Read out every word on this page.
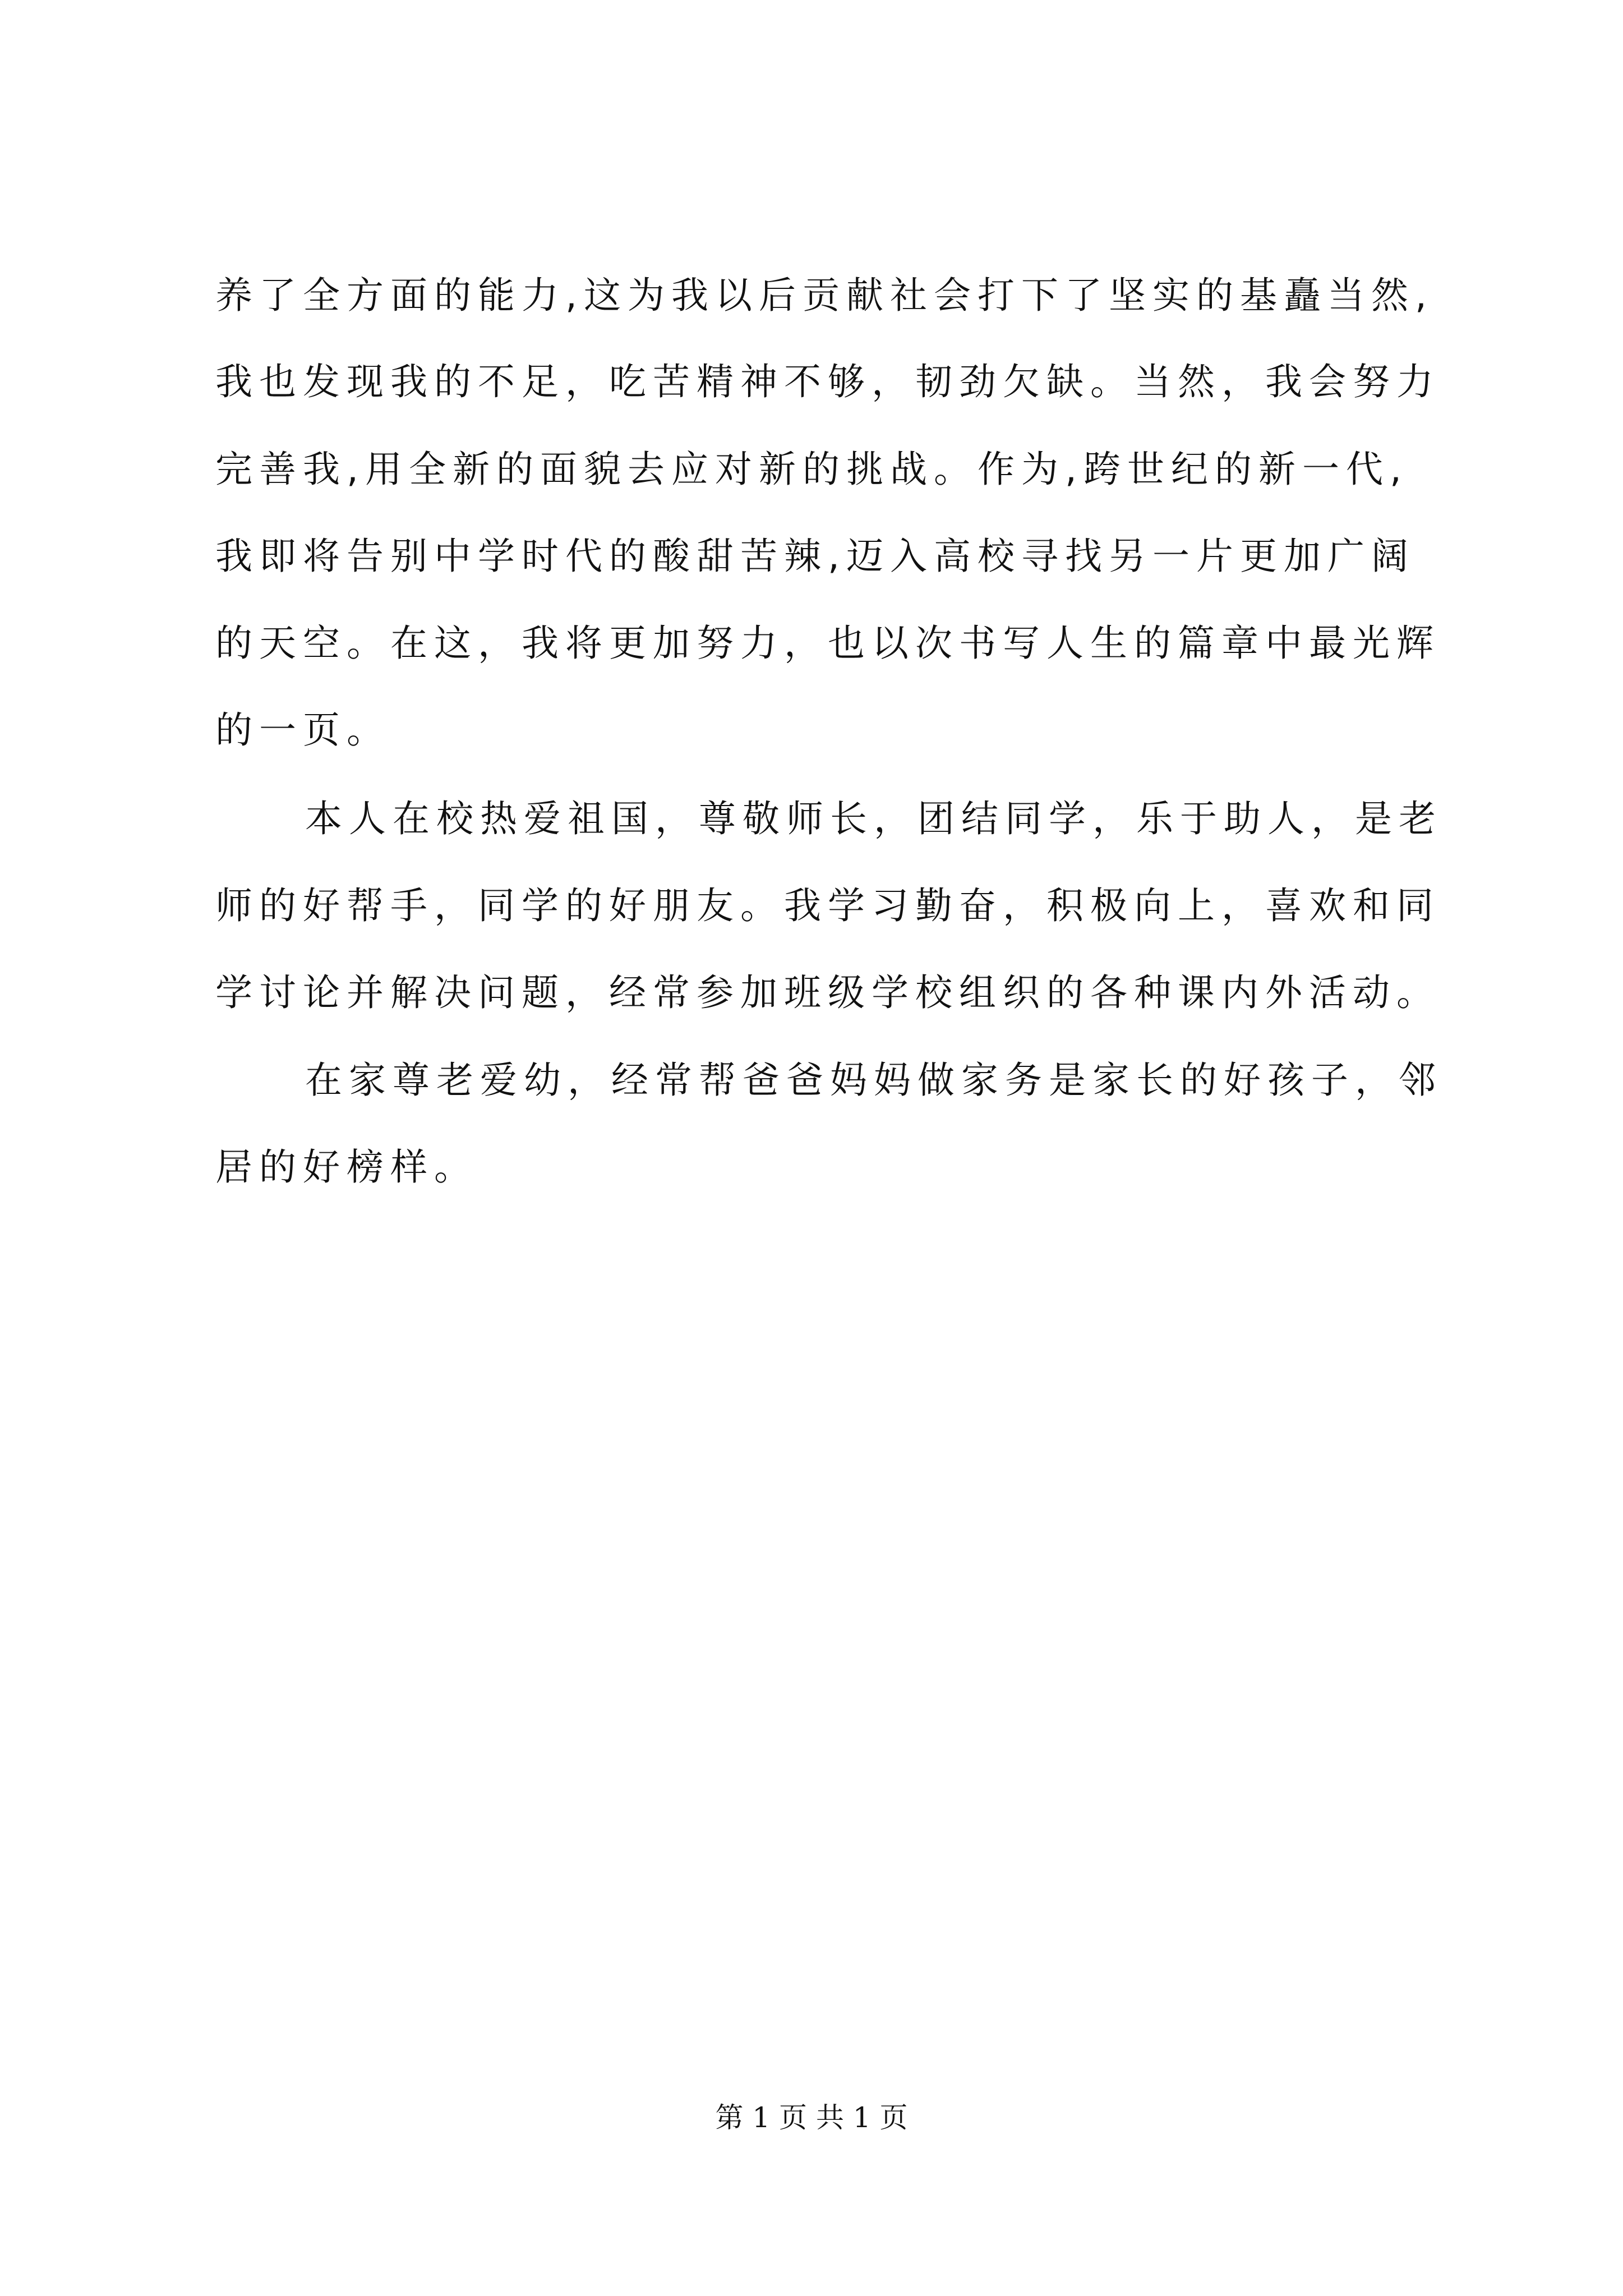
养了全方面的能力,这为我以后贡献社会打下了坚实的基矗当然,
我也发现我的不足，吃苦精神不够，韧劲欠缺。当然，我会努力
完善我,用全新的面貌去应对新的挑战。作为,跨世纪的新一代,
我即将告别中学时代的酸甜苦辣,迈入高校寻找另一片更加广阔
的天空。在这，我将更加努力，也以次书写人生的篇章中最光辉
的一页。
本人在校热爱祖国，尊敬师长，团结同学，乐于助人，是老
师的好帮手，同学的好朋友。我学习勤奋，积极向上，喜欢和同
学讨论并解决问题，经常参加班级学校组织的各种课内外活动。
在家尊老爱幼，经常帮爸爸妈妈做家务是家长的好孩子，邻
居的好榜样。
第 1 页 共 1 页
